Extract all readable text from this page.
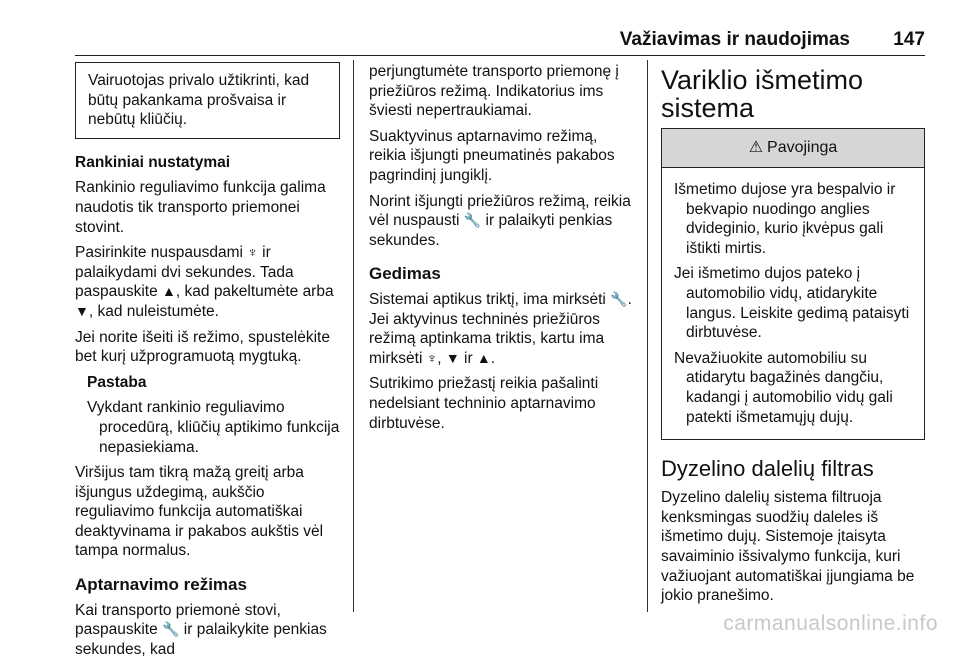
Važiavimas ir naudojimas	147

Vairuotojas privalo užtikrinti, kad būtų pakankama prošvaisa ir nebūtų kliūčių.

Rankiniai nustatymai

Rankinio reguliavimo funkcija galima naudotis tik transporto priemonei stovint.

Pasirinkite nuspausdami ♆ ir palaikydami dvi sekundes. Tada paspauskite ▲, kad pakeltumėte arba ▼, kad nuleistumėte.

Jei norite išeiti iš režimo, spustelėkite bet kurį užprogramuotą mygtuką.

Pastaba

Vykdant rankinio reguliavimo procedūrą, kliūčių aptikimo funkcija nepasiekiama.

Viršijus tam tikrą mažą greitį arba išjungus uždegimą, aukščio reguliavimo funkcija automatiškai deaktyvinama ir pakabos aukštis vėl tampa normalus.

Aptarnavimo režimas

Kai transporto priemonė stovi, paspauskite 🔧 ir palaikykite penkias sekundes, kad

perjungtumėte transporto priemonę į priežiūros režimą. Indikatorius ims šviesti nepertraukiamai.

Suaktyvinus aptarnavimo režimą, reikia išjungti pneumatinės pakabos pagrindinį jungiklį.

Norint išjungti priežiūros režimą, reikia vėl nuspausti 🔧 ir palaikyti penkias sekundes.

Gedimas

Sistemai aptikus triktį, ima mirksėti 🔧. Jei aktyvinus techninės priežiūros režimą aptinkama triktis, kartu ima mirksėti ♆, ▼ ir ▲.

Sutrikimo priežastį reikia pašalinti nedelsiant techninio aptarnavimo dirbtuvėse.

Variklio išmetimo
sistema

⚠ Pavojinga

Išmetimo dujose yra bespalvio ir bekvapio nuodingo anglies dvideginio, kurio įkvėpus gali ištikti mirtis.

Jei išmetimo dujos pateko į automobilio vidų, atidarykite langus. Leiskite gedimą pataisyti dirbtuvėse.

Nevažiuokite automobiliu su atidarytu bagažinės dangčiu, kadangi į automobilio vidų gali patekti išmetamųjų dujų.

Dyzelino dalelių filtras

Dyzelino dalelių sistema filtruoja kenksmingas suodžių daleles iš išmetimo dujų. Sistemoje įtaisyta savaiminio išsivalymo funkcija, kuri važiuojant automatiškai įjungiama be jokio pranešimo.

carmanualsonline.info
